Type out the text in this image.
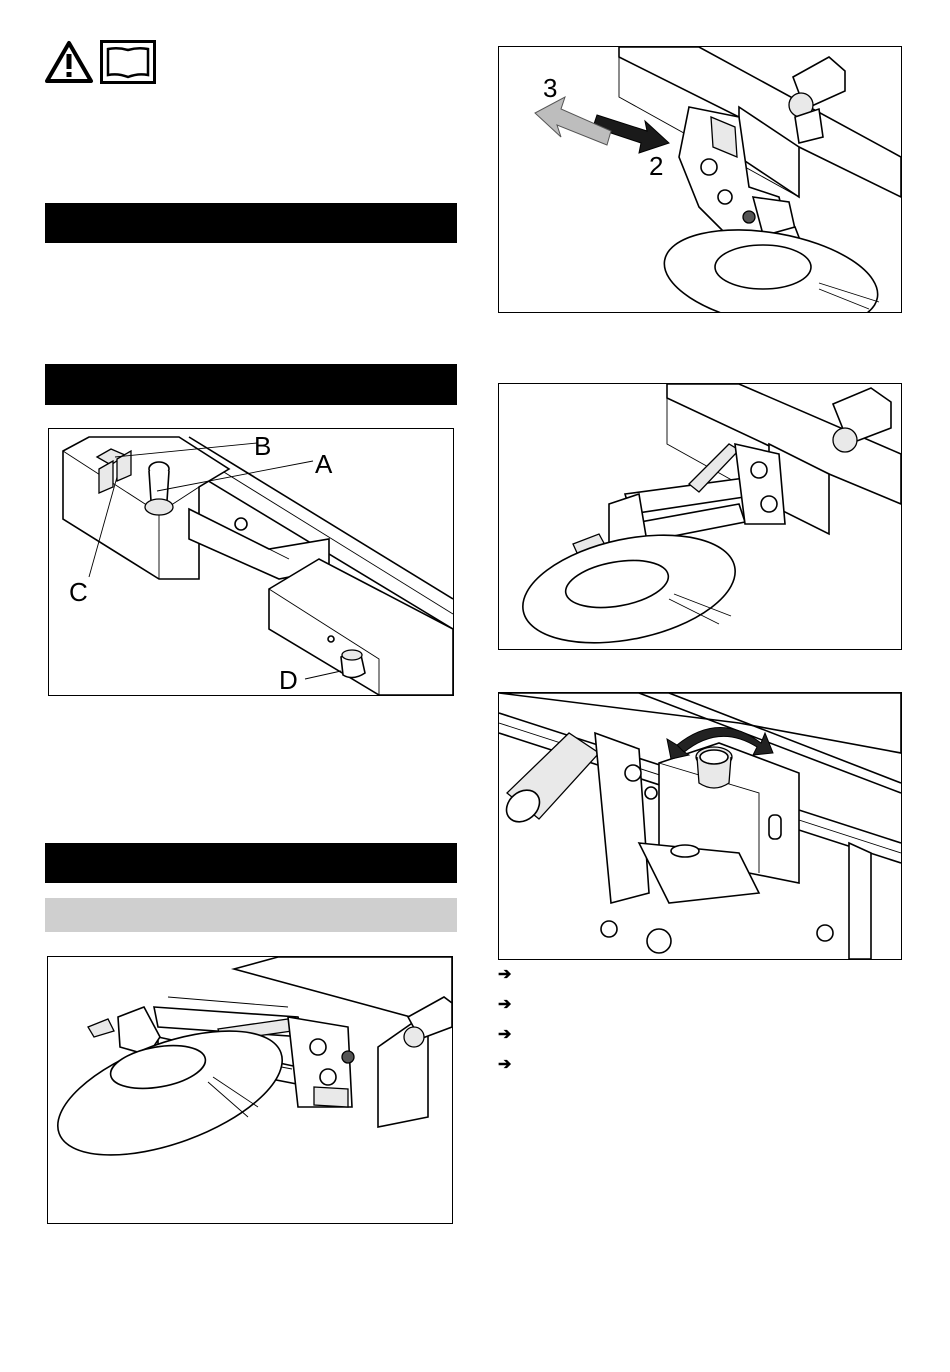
B
A
C
D
3
2
➔
➔
➔
➔
